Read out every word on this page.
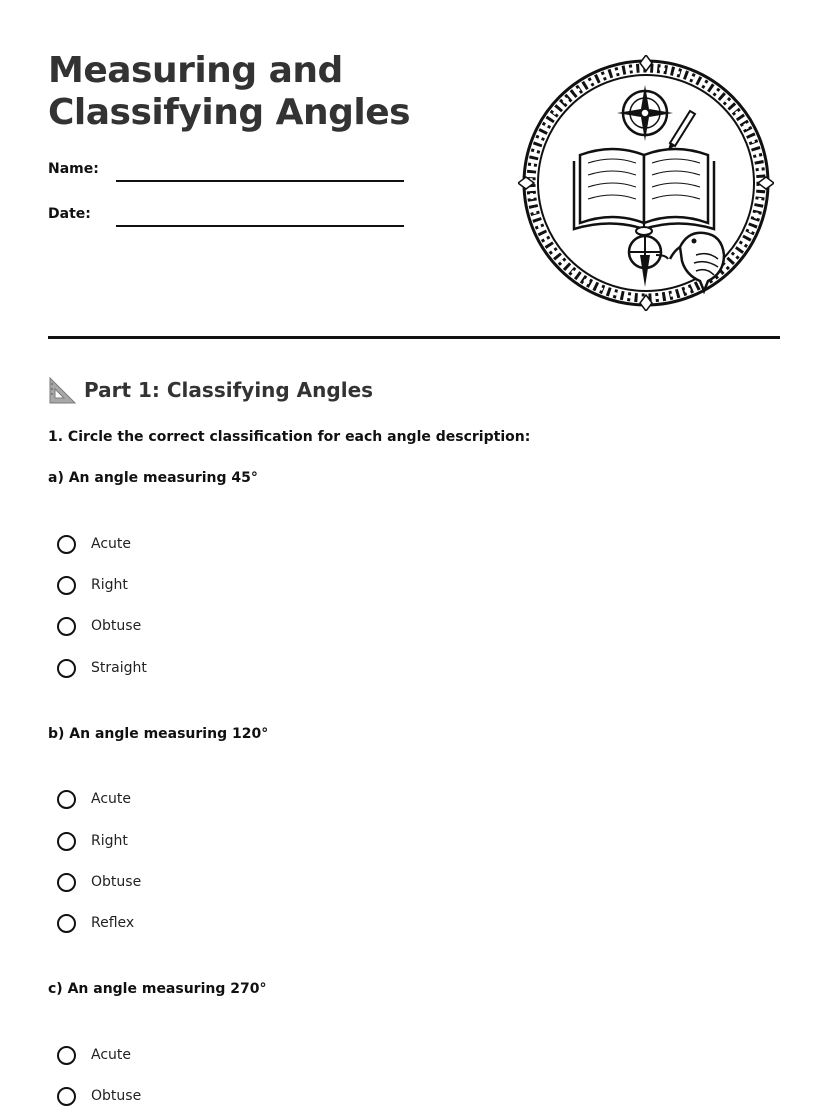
Measuring and
Classifying Angles
Name:
Date:
Part 1: Classifying Angles
1. Circle the correct classification for each angle description:
a) An angle measuring 45°
Acute
Right
Obtuse
Straight
b) An angle measuring 120°
Acute
Right
Obtuse
Reflex
c) An angle measuring 270°
Acute
Obtuse
